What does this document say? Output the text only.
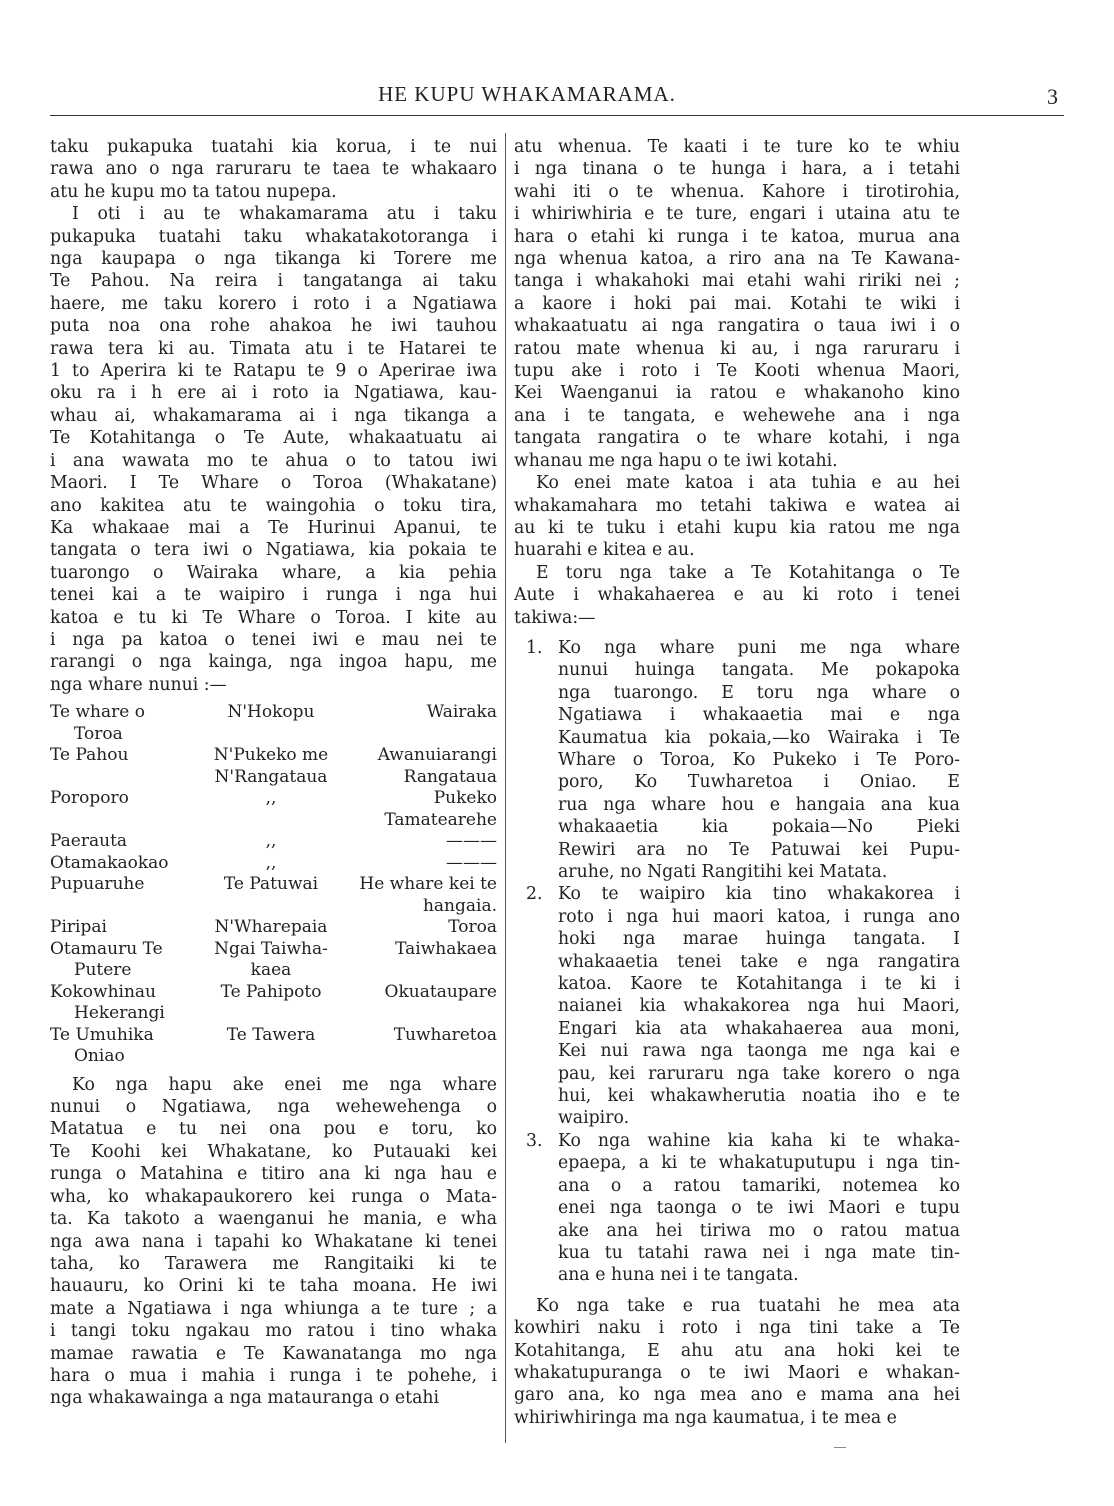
HE KUPU WHAKAMARAMA.	3

taku pukapuka tuatahi kia korua, i te nui
rawa ano o nga raruraru te taea te whakaaro
atu he kupu mo ta tatou nupepa.

I oti i au te whakamarama atu i taku
pukapuka tuatahi taku whakatakotoranga i
nga kaupapa o nga tikanga ki Torere me
Te Pahou. Na reira i tangatanga ai taku
haere, me taku korero i roto i a Ngatiawa
puta noa ona rohe ahakoa he iwi tauhou
rawa tera ki au. Timata atu i te Hatarei te
1 to Aperira ki te Ratapu te 9 o Aperirae iwa
oku ra i h ere ai i roto ia Ngatiawa, kau-
whau ai, whakamarama ai i nga tikanga a
Te Kotahitanga o Te Aute, whakaatuatu ai
i ana wawata mo te ahua o to tatou iwi
Maori. I Te Whare o Toroa (Whakatane)
ano kakitea atu te waingohia o toku tira,
Ka whakaae mai a Te Hurinui Apanui, te
tangata o tera iwi o Ngatiawa, kia pokaia te
tuarongo o Wairaka whare, a kia pehia
tenei kai a te waipiro i runga i nga hui
katoa e tu ki Te Whare o Toroa. I kite au
i nga pa katoa o tenei iwi e mau nei te
rarangi o nga kainga, nga ingoa hapu, me
nga whare nunui :—

Te whare o
Toroa	N'Hokopu	Wairaka

Te Pahou	N'Pukeko me N'Rangataua	Awanuiarangi Rangataua

Poroporo	,,	Pukeko Tamatearehe

Paerauta	,,	———

Otamakaokao	,,	———

Pupuaruhe	Te Patuwai	He whare kei te hangaia.

Piripai	N'Wharepaia	Toroa

Otamauru Te
Putere	Ngai Taiwha-kaea	Taiwhakaea

Kokowhinau
Hekerangi	Te Pahipoto	Okuataupare

Te Umuhika
Oniao	Te Tawera	Tuwharetoa

Ko nga hapu ake enei me nga whare
nunui o Ngatiawa, nga wehewehenga o
Matatua e tu nei ona pou e toru, ko
Te Koohi kei Whakatane, ko Putauaki kei
runga o Matahina e titiro ana ki nga hau e
wha, ko whakapaukorero kei runga o Mata-
ta. Ka takoto a waenganui he mania, e wha
nga awa nana i tapahi ko Whakatane ki tenei
taha, ko Tarawera me Rangitaiki ki te
hauauru, ko Orini ki te taha moana. He iwi
mate a Ngatiawa i nga whiunga a te ture ; a
i tangi toku ngakau mo ratou i tino whaka
mamae rawatia e Te Kawanatanga mo nga
hara o mua i mahia i runga i te pohehe, i
nga whakawainga a nga matauranga o etahi

atu whenua. Te kaati i te ture ko te whiu
i nga tinana o te hunga i hara, a i tetahi
wahi iti o te whenua. Kahore i tirotirohia,
i whiriwhiria e te ture, engari i utaina atu te
hara o etahi ki runga i te katoa, murua ana
nga whenua katoa, a riro ana na Te Kawana-
tanga i whakahoki mai etahi wahi ririki nei ;
a kaore i hoki pai mai. Kotahi te wiki i
whakaatuatu ai nga rangatira o taua iwi i o
ratou mate whenua ki au, i nga raruraru i
tupu ake i roto i Te Kooti whenua Maori,
Kei Waenganui ia ratou e whakanoho kino
ana i te tangata, e wehewehe ana i nga
tangata rangatira o te whare kotahi, i nga
whanau me nga hapu o te iwi kotahi.

Ko enei mate katoa i ata tuhia e au hei
whakamahara mo tetahi takiwa e watea ai
au ki te tuku i etahi kupu kia ratou me nga
huarahi e kitea e au.

E toru nga take a Te Kotahitanga o Te
Aute i whakahaerea e au ki roto i tenei
takiwa:—

1. Ko nga whare puni me nga whare
nunui huinga tangata. Me pokapoka
nga tuarongo. E toru nga whare o
Ngatiawa i whakaaetia mai e nga
Kaumatua kia pokaia,—ko Wairaka i Te
Whare o Toroa, Ko Pukeko i Te Poro-
poro, Ko Tuwharetoa i Oniao. E
rua nga whare hou e hangaia ana kua
whakaaetia kia pokaia—No Pieki
Rewiri ara no Te Patuwai kei Pupu-
aruhe, no Ngati Rangitihi kei Matata.
2. Ko te waipiro kia tino whakakorea i
roto i nga hui maori katoa, i runga ano
hoki nga marae huinga tangata. I
whakaaetia tenei take e nga rangatira
katoa. Kaore te Kotahitanga i te ki i
naianei kia whakakorea nga hui Maori,
Engari kia ata whakahaerea aua moni,
Kei nui rawa nga taonga me nga kai e
pau, kei raruraru nga take korero o nga
hui, kei whakawherutia noatia iho e te
waipiro.
3. Ko nga wahine kia kaha ki te whaka-
epaepa, a ki te whakatuputupu i nga tin-
ana o a ratou tamariki, notemea ko
enei nga taonga o te iwi Maori e tupu
ake ana hei tiriwa mo o ratou matua
kua tu tatahi rawa nei i nga mate tin-
ana e huna nei i te tangata.

Ko nga take e rua tuatahi he mea ata
kowhiri naku i roto i nga tini take a Te
Kotahitanga, E ahu atu ana hoki kei te
whakatupuranga o te iwi Maori e whakan-
garo ana, ko nga mea ano e mama ana hei
whiriwhiringa ma nga kaumatua, i te mea e
